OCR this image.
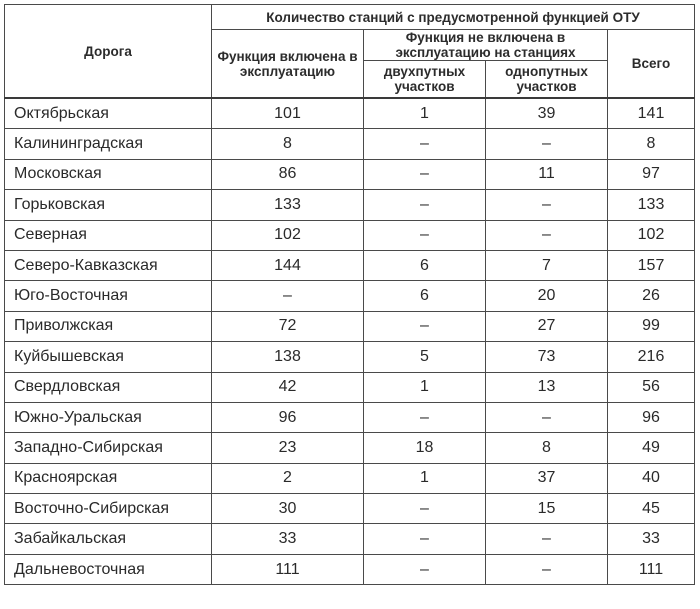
Дорога	Количество станций с предусмотренной функцией ОТУ			
	Функция включена в эксплуатацию	Функция не включена в эксплуатацию на станциях		Всего
		двухпутных участков	однопутных участков	
Октябрьская	101	1	39	141
Калининградская	8	–	–	8
Московская	86	–	11	97
Горьковская	133	–	–	133
Северная	102	–	–	102
Северо-Кавказская	144	6	7	157
Юго-Восточная	–	6	20	26
Приволжская	72	–	27	99
Куйбышевская	138	5	73	216
Свердловская	42	1	13	56
Южно-Уральская	96	–	–	96
Западно-Сибирская	23	18	8	49
Красноярская	2	1	37	40
Восточно-Сибирская	30	–	15	45
Забайкальская	33	–	–	33
Дальневосточная	111	–	–	111
